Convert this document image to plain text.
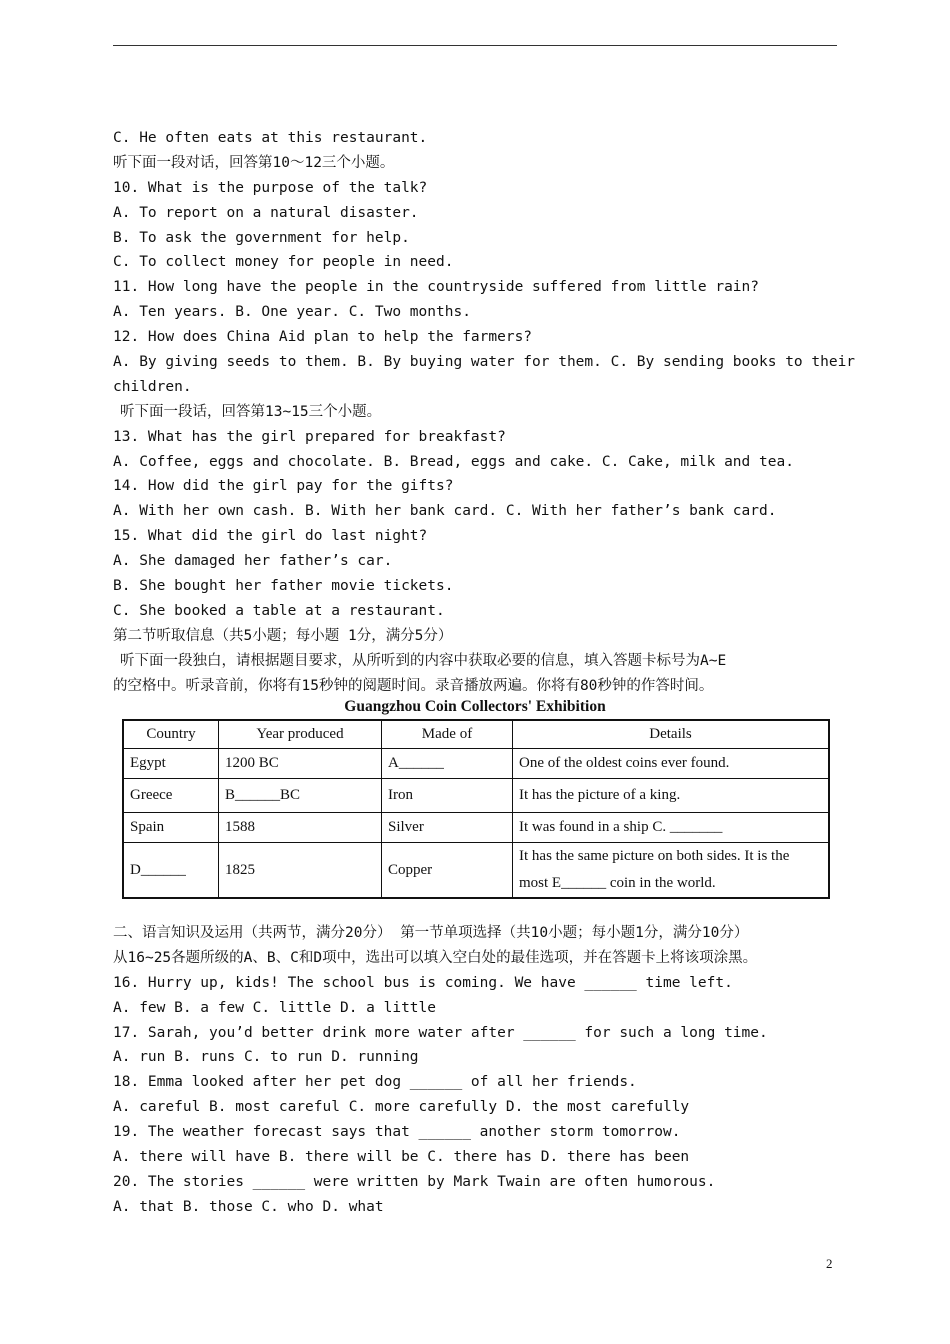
C. He often eats at this restaurant.
听下面一段对话，回答第10～12三个小题。
10. What is the purpose of the talk?
A. To report on a natural disaster.
B. To ask the government for help.
C. To collect money for people in need.
11. How long have the people in the countryside suffered from little rain?
A. Ten years. B. One year. C. Two months.
12. How does China Aid plan to help the farmers?
A. By giving seeds to them. B. By buying water for them. C. By sending books to their
children.
听下面一段话，回答第13~15三个小题。
13. What has the girl prepared for breakfast?
A. Coffee, eggs and chocolate. B. Bread, eggs and cake. C. Cake, milk and tea.
14. How did the girl pay for the gifts?
A. With her own cash. B. With her bank card. C. With her father’s bank card.
15. What did the girl do last night?
A. She damaged her father’s car.
B. She bought her father movie tickets.
C. She booked a table at a restaurant.
第二节听取信息（共5小题；每小题 1分，满分5分）
听下面一段独白，请根据题目要求，从所听到的内容中获取必要的信息，填入答题卡标号为A~E
的空格中。听录音前，你将有15秒钟的阅题时间。录音播放两遍。你将有80秒钟的作答时间。
Guangzhou Coin Collectors' Exhibition
Country	Year produced	Made of	Details
Egypt	1200 BC	A______	One of the oldest coins ever found.
Greece	B______BC	Iron	It has the picture of a king.
Spain	1588	Silver	It was found in a ship C. _______
D______	1825	Copper	It has the same picture on both sides. It is the most E______ coin in the world.
二、语言知识及运用（共两节，满分20分） 第一节单项选择（共10小题；每小题1分，满分10分）
从16~25各题所级的A、B、C和D项中，选出可以填入空白处的最佳选项，并在答题卡上将该项涂黑。
16. Hurry up, kids! The school bus is coming. We have ______ time left.
A. few B. a few C. little D. a little
17. Sarah, you’d better drink more water after ______ for such a long time.
A. run B. runs C. to run D. running
18. Emma looked after her pet dog ______ of all her friends.
A. careful B. most careful C. more carefully D. the most carefully
19. The weather forecast says that ______ another storm tomorrow.
A. there will have B. there will be C. there has D. there has been
20. The stories ______ were written by Mark Twain are often humorous.
A. that B. those C. who D. what
2
